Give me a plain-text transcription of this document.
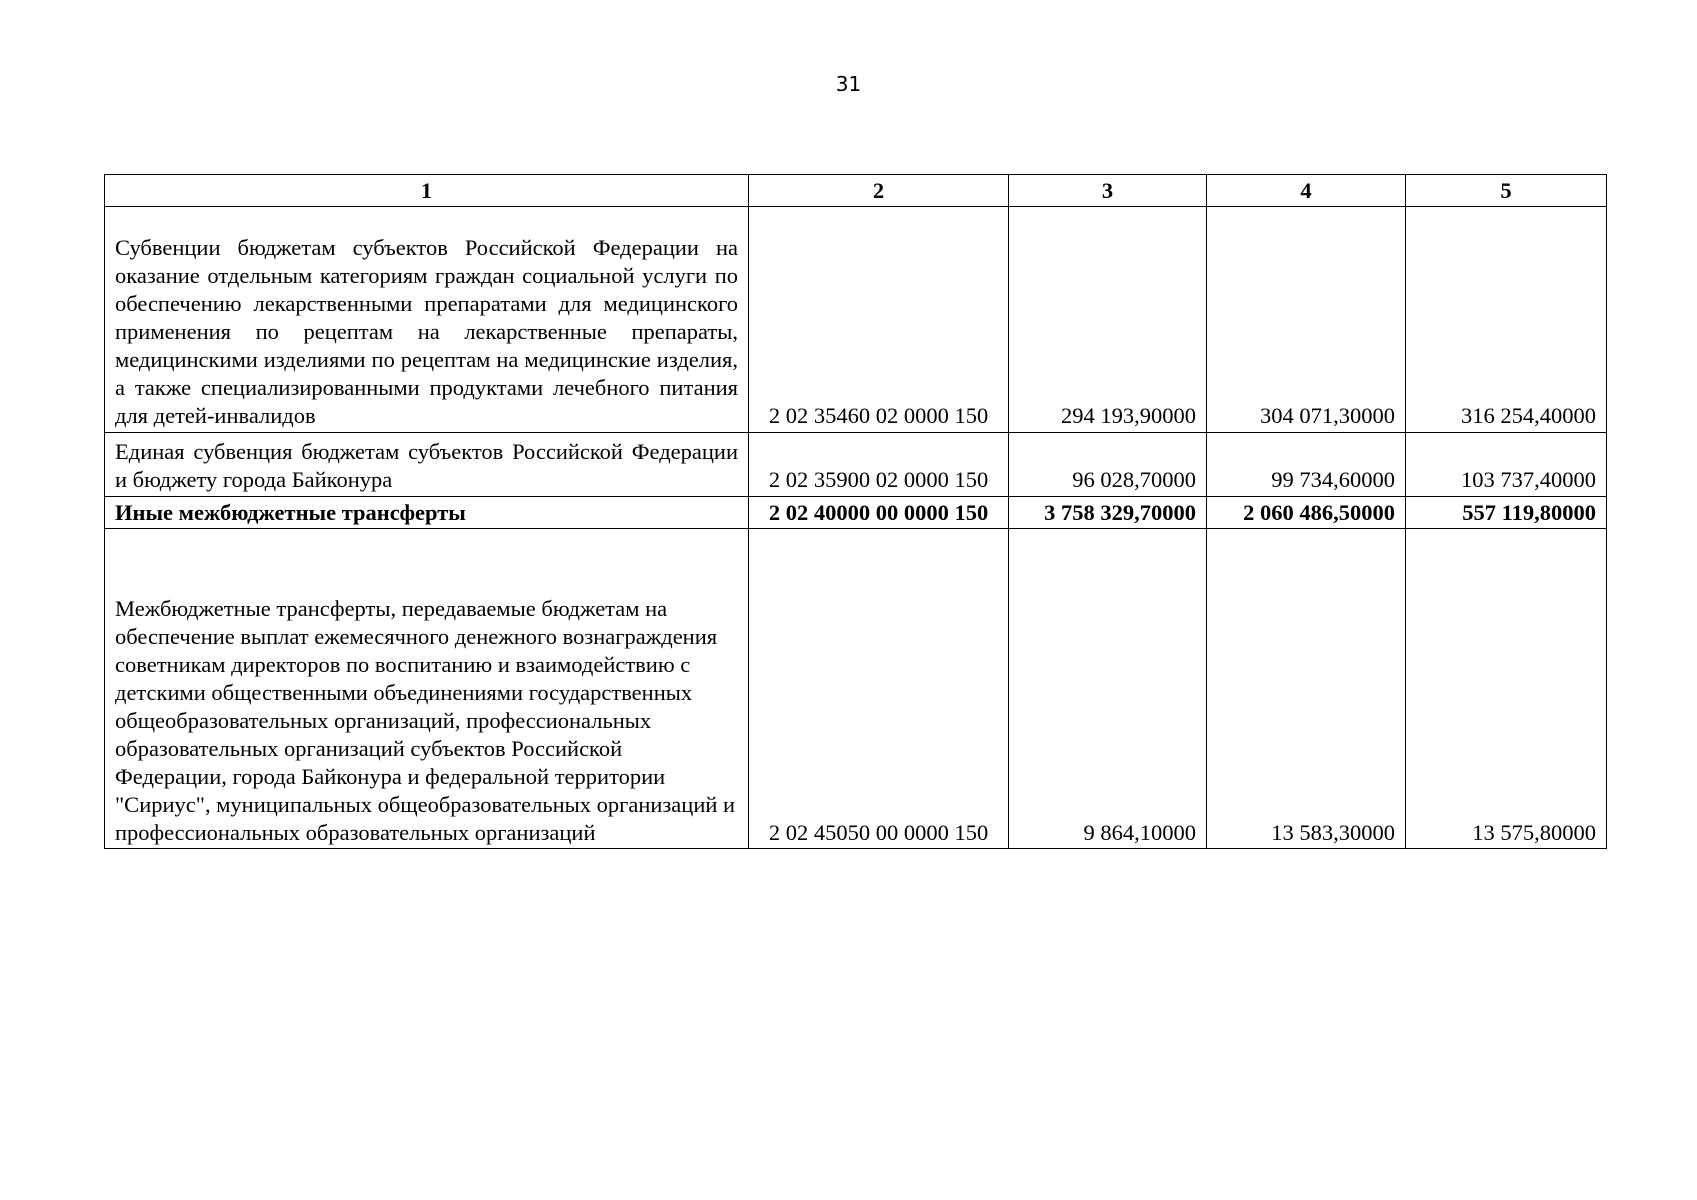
31
1	2	3	4	5

Субвенции бюджетам субъектов Российской Федерации на оказание отдельным категориям граждан социальной услуги по обеспечению лекарственными препаратами для медицинского применения по рецептам на лекарственные препараты, медицинскими изделиями по рецептам на медицинские изделия, а также специализированными продуктами лечебного питания для детей-инвалидов	2 02 35460 02 0000 150	294 193,90000	304 071,30000	316 254,40000

Единая субвенция бюджетам субъектов Российской Федерации и бюджету города Байконура	2 02 35900 02 0000 150	96 028,70000	99 734,60000	103 737,40000
Иные межбюджетные трансферты	2 02 40000 00 0000 150	3 758 329,70000	2 060 486,50000	557 119,80000

Межбюджетные трансферты, передаваемые бюджетам на обеспечение выплат ежемесячного денежного вознаграждения советникам директоров по воспитанию и взаимодействию с детскими общественными объединениями государственных общеобразовательных организаций, профессиональных образовательных организаций субъектов Российской Федерации, города Байконура и федеральной территории "Сириус", муниципальных общеобразовательных организаций и профессиональных образовательных организаций	2 02 45050 00 0000 150	9 864,10000	13 583,30000	13 575,80000
